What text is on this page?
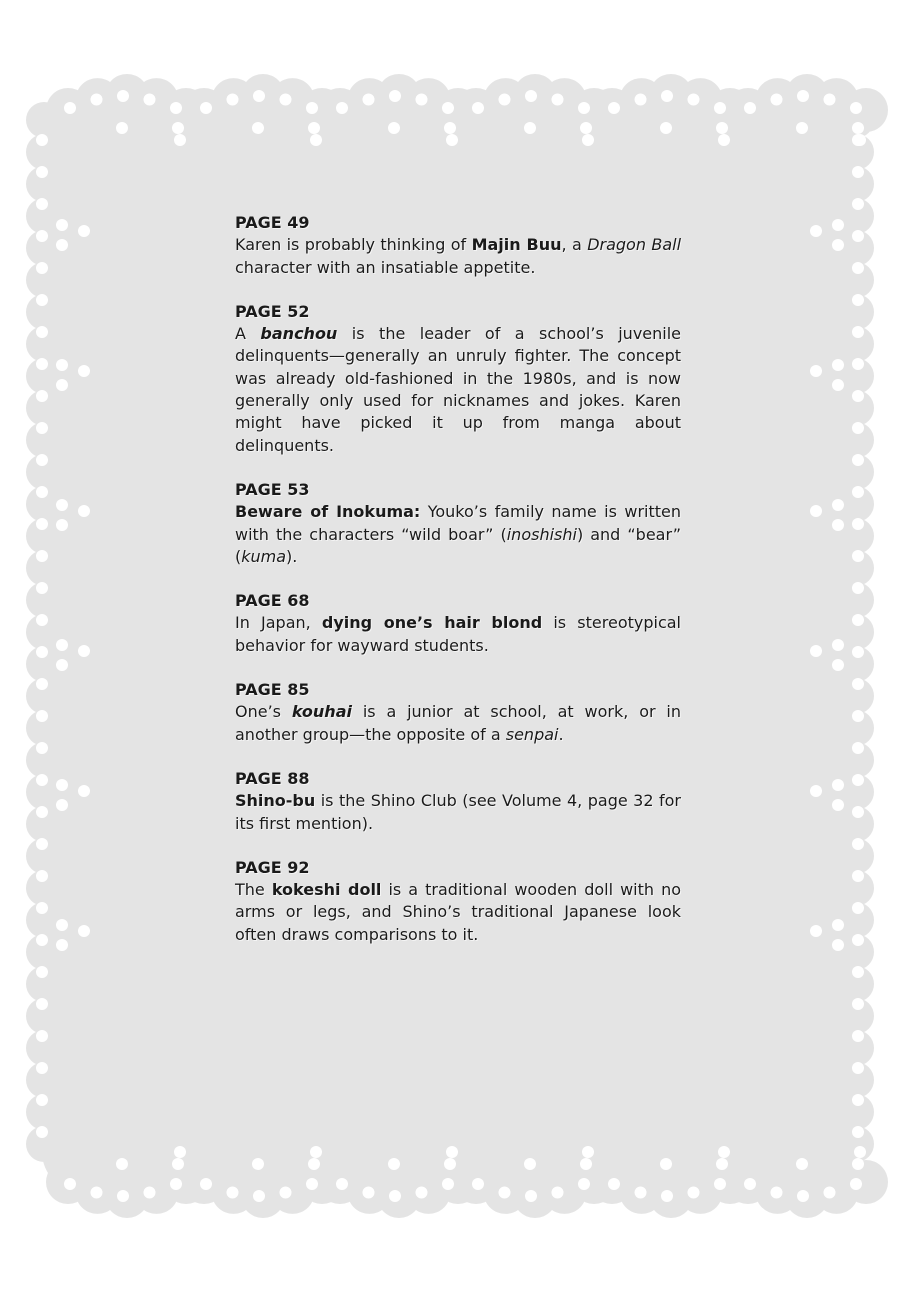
PAGE 49

Karen is probably thinking of Majin Buu, a Dragon Ball character with an insatiable appetite.

PAGE 52

A banchou is the leader of a school’s juvenile delinquents—generally an unruly fighter. The concept was already old-fashioned in the 1980s, and is now generally only used for nicknames and jokes. Karen might have picked it up from manga about delinquents.

PAGE 53

Beware of Inokuma: Youko’s family name is written with the characters “wild boar” (inoshishi) and “bear” (kuma).

PAGE 68

In Japan, dying one’s hair blond is stereotypical behavior for wayward students.

PAGE 85

One’s kouhai is a junior at school, at work, or in another group—the opposite of a senpai.

PAGE 88

Shino-bu is the Shino Club (see Volume 4, page 32 for its first mention).

PAGE 92

The kokeshi doll is a traditional wooden doll with no arms or legs, and Shino’s traditional Japanese look often draws comparisons to it.
